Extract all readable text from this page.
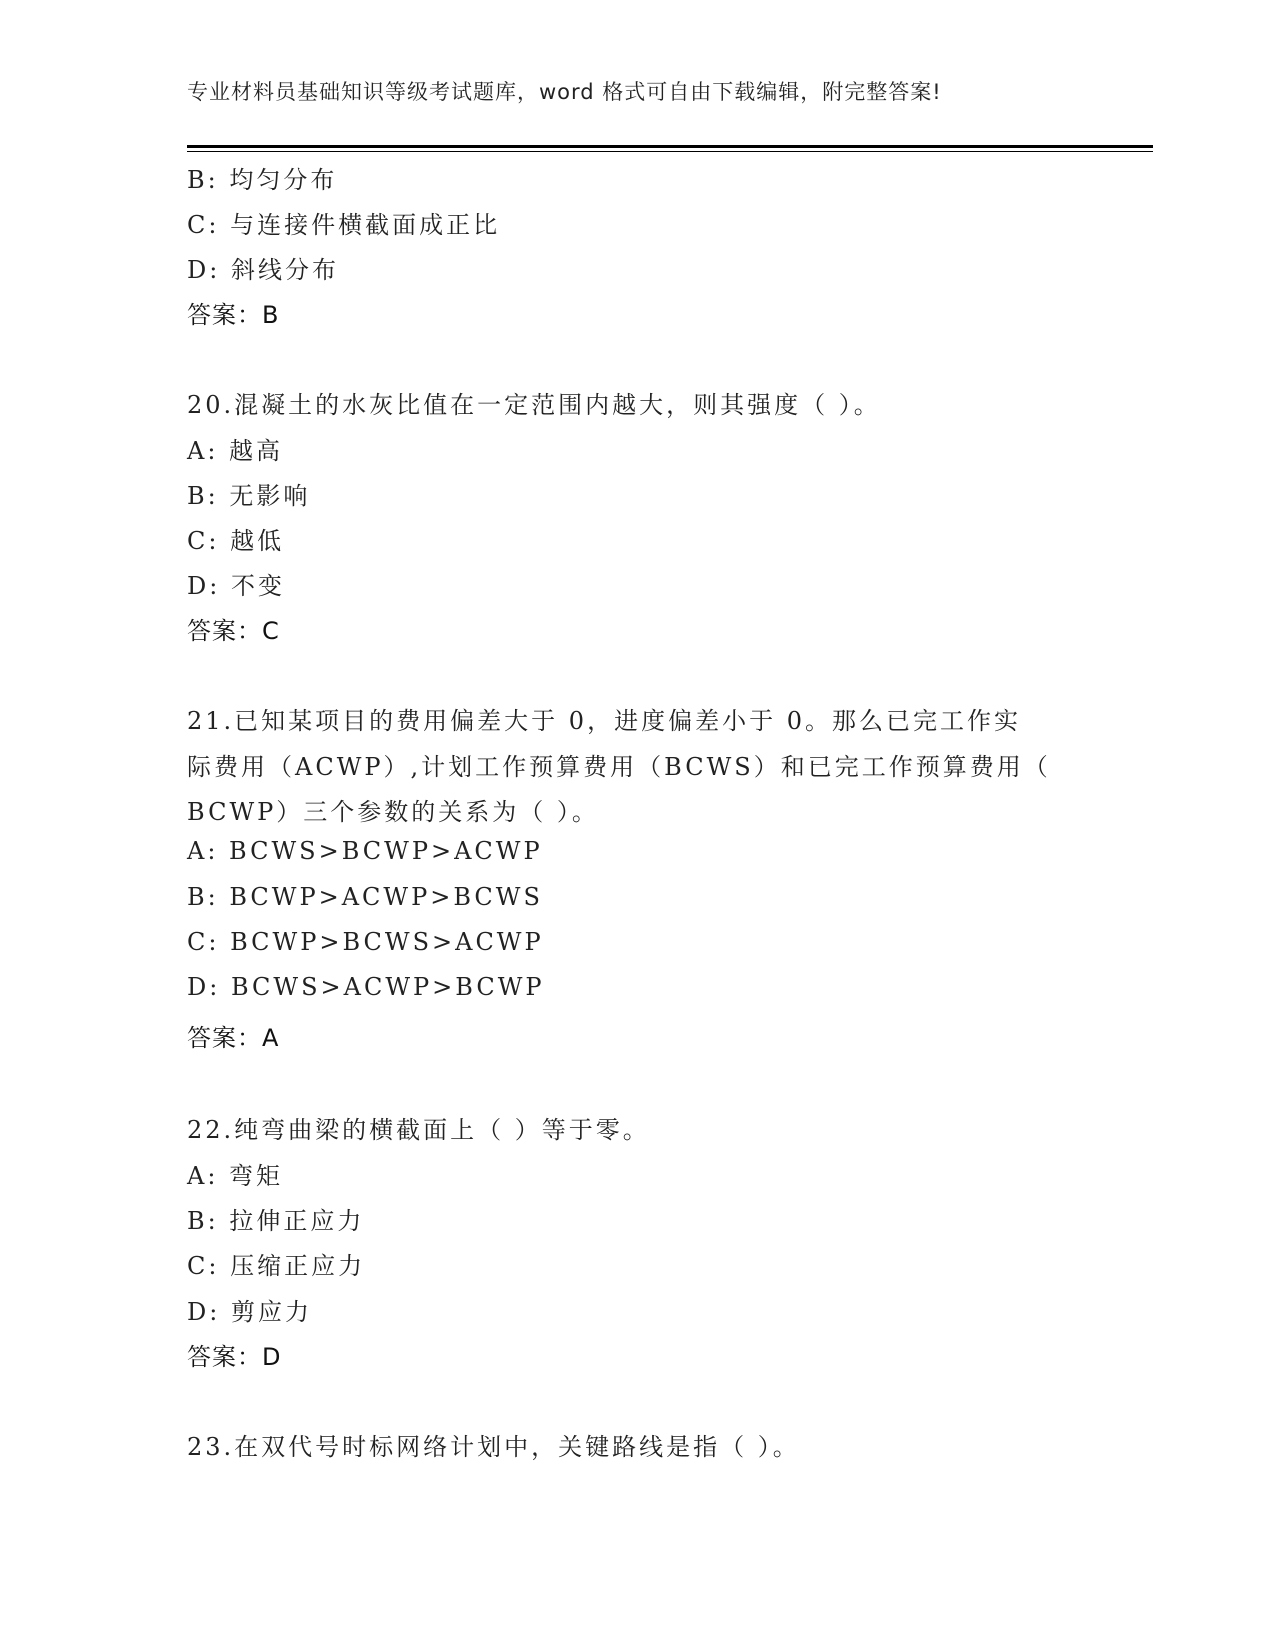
专业材料员基础知识等级考试题库，word 格式可自由下载编辑，附完整答案!
B: 均匀分布
C: 与连接件横截面成正比
D: 斜线分布
答案：B
20.混凝土的水灰比值在一定范围内越大，则其强度（ ）。
A: 越高
B: 无影响
C: 越低
D: 不变
答案：C
21.已知某项目的费用偏差大于 0，进度偏差小于 0。那么已完工作实
际费用（ACWP）,计划工作预算费用（BCWS）和已完工作预算费用（
BCWP）三个参数的关系为（ ）。
A: BCWS>BCWP>ACWP
B: BCWP>ACWP>BCWS
C: BCWP>BCWS>ACWP
D: BCWS>ACWP>BCWP
答案：A
22.纯弯曲梁的横截面上（ ）等于零。
A: 弯矩
B: 拉伸正应力
C: 压缩正应力
D: 剪应力
答案：D
23.在双代号时标网络计划中，关键路线是指（ ）。
